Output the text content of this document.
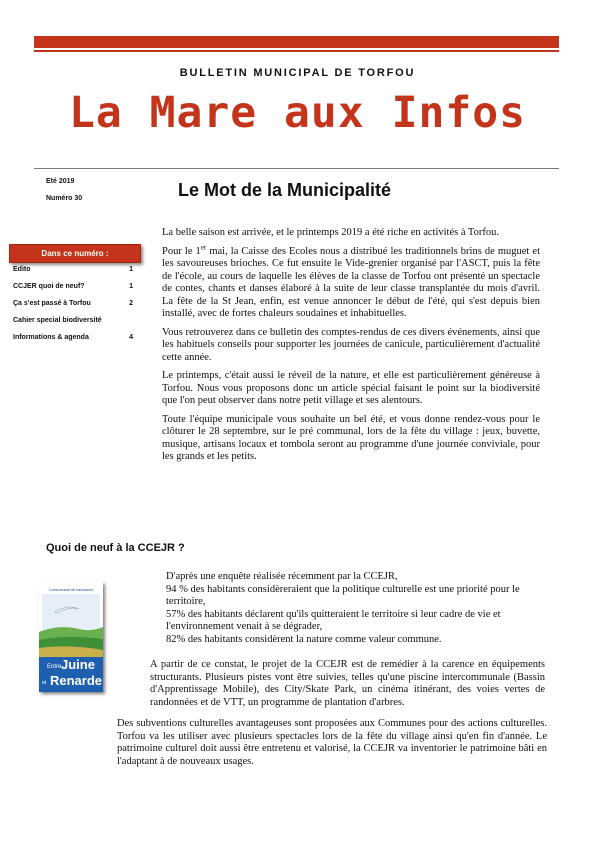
BULLETIN MUNICIPAL DE TORFOU
La Mare aux Infos
Eté 2019
Numéro 30	Le Mot de la Municipalité
Dans ce numéro :
Edito	1
CCJER quoi de neuf?	1
Ça s'est passé à Torfou	2
Cahier special biodiversité
Informations & agenda	4

La belle saison est arrivée, et le printemps 2019 a été riche en activités à Torfou.

Pour le 1er mai, la Caisse des Ecoles nous a distribué les traditionnels brins de muguet et les savoureuses brioches. Ce fut ensuite le Vide-grenier organisé par l'ASCT, puis la fête de l'école, au cours de laquelle les élèves de la classe de Torfou ont présenté un spectacle de contes, chants et danses élaboré à la suite de leur classe transplantée du mois d'avril. La fête de la St Jean, enfin, est venue annoncer le début de l'été, qui s'est depuis bien installé, avec de fortes chaleurs soudaines et inhabituelles.

Vous retrouverez dans ce bulletin des comptes-rendus de ces divers événements, ainsi que les habituels conseils pour supporter les journées de canicule, particulièrement d'actualité cette année.

Le printemps, c'était aussi le réveil de la nature, et elle est particulièrement généreuse à Torfou. Nous vous proposons donc un article spécial faisant le point sur la biodiversité que l'on peut observer dans notre petit village et ses alentours.

Toute l'équipe municipale vous souhaite un bel été, et vous donne rendez-vous pour le clôturer le 28 septembre, sur le pré communal, lors de la fête du village : jeux, buvette, musique, artisans locaux et tombola seront au programme d'une journée conviviale, pour les grands et les petits.

Quoi de neuf à la CCEJR ?
Communauté de communes
Entre Juine
et Renarde
D'après une enquête réalisée récemment par la CCEJR,
94 % des habitants considèreraient que la politique culturelle est une priorité pour le territoire,
57% des habitants déclarent qu'ils quitteraient le territoire si leur cadre de vie et l'environnement venait à se dégrader,
82% des habitants considèrent la nature comme valeur commune.
A partir de ce constat, le projet de la CCEJR est de remédier à la carence en équipements structurants. Plusieurs pistes vont être suivies, telles qu'une piscine intercommunale (Bassin d'Apprentissage Mobile), des City/Skate Park, un cinéma itinérant, des voies vertes de randonnées et de VTT, un programme de plantation d'arbres.
Des subventions culturelles avantageuses sont proposées aux Communes pour des actions culturelles. Torfou va les utiliser avec plusieurs spectacles lors de la fête du village ainsi qu'en fin d'année. Le patrimoine culturel doit aussi être entretenu et valorisé, la CCEJR va inventorier le patrimoine bâti en l'adaptant à de nouveaux usages.
